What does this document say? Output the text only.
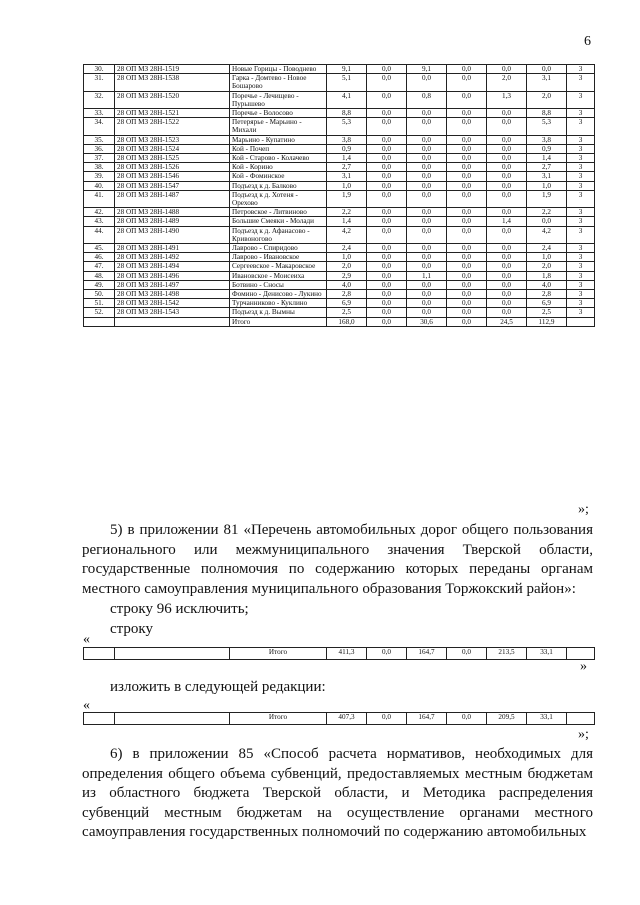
6
30.	28 ОП МЗ 28Н-1519	Новые Горицы - Поводнево	9,1	0,0	9,1	0,0	0,0	0,0	3
31.	28 ОП МЗ 28Н-1538	Гарка - Домтево - Новое Бошарово	5,1	0,0	0,0	0,0	2,0	3,1	3
32.	28 ОП МЗ 28Н-1520	Поречье - Лечищево - Пурышево	4,1	0,0	0,8	0,0	1,3	2,0	3
33.	28 ОП МЗ 28Н-1521	Поречье - Волосово	8,8	0,0	0,0	0,0	0,0	8,8	3
34.	28 ОП МЗ 28Н-1522	Петерярье - Марьино - Михали	5,3	0,0	0,0	0,0	0,0	5,3	3
35.	28 ОП МЗ 28Н-1523	Марьино - Купатино	3,8	0,0	0,0	0,0	0,0	3,8	3
36.	28 ОП МЗ 28Н-1524	Кой - Почеп	0,9	0,0	0,0	0,0	0,0	0,9	3
37.	28 ОП МЗ 28Н-1525	Кой - Старово - Колачево	1,4	0,0	0,0	0,0	0,0	1,4	3
38.	28 ОП МЗ 28Н-1526	Кой - Корино	2,7	0,0	0,0	0,0	0,0	2,7	3
39.	28 ОП МЗ 28Н-1546	Кой - Фоминское	3,1	0,0	0,0	0,0	0,0	3,1	3
40.	28 ОП МЗ 28Н-1547	Подъезд к д. Балково	1,0	0,0	0,0	0,0	0,0	1,0	3
41.	28 ОП МЗ 28Н-1487	Подъезд к д. Хотеня - Орехово	1,9	0,0	0,0	0,0	0,0	1,9	3
42.	28 ОП МЗ 28Н-1488	Петровское - Литвиново	2,2	0,0	0,0	0,0	0,0	2,2	3
43.	28 ОП МЗ 28Н-1489	Большие Смеяки - Молади	1,4	0,0	0,0	0,0	1,4	0,0	3
44.	28 ОП МЗ 28Н-1490	Подъезд к д. Афанасово - Кривоногово	4,2	0,0	0,0	0,0	0,0	4,2	3
45.	28 ОП МЗ 28Н-1491	Лаврово - Спиридово	2,4	0,0	0,0	0,0	0,0	2,4	3
46.	28 ОП МЗ 28Н-1492	Лаврово - Ивановское	1,0	0,0	0,0	0,0	0,0	1,0	3
47.	28 ОП МЗ 28Н-1494	Сергеевское - Макаровское	2,0	0,0	0,0	0,0	0,0	2,0	3
48.	28 ОП МЗ 28Н-1496	Ивановское - Моисеиха	2,9	0,0	1,1	0,0	0,0	1,8	3
49.	28 ОП МЗ 28Н-1497	Ботвино - Сносы	4,0	0,0	0,0	0,0	0,0	4,0	3
50.	28 ОП МЗ 28Н-1498	Фомино - Денисово - Лукино	2,8	0,0	0,0	0,0	0,0	2,8	3
51.	28 ОП МЗ 28Н-1542	Турчанниково - Куклино	6,9	0,0	0,0	0,0	0,0	6,9	3
52.	28 ОП МЗ 28Н-1543	Подъезд к д. Вымны	2,5	0,0	0,0	0,0	0,0	2,5	3
		Итого	168,0	0,0	30,6	0,0	24,5	112,9	
»;
5) в приложении 81 «Перечень автомобильных дорог общего пользования регионального или межмуниципального значения Тверской области, государственные полномочия по содержанию которых переданы органам местного самоуправления муниципального образования Торжокский район»:
строку 96 исключить;
строку
«
		Итого	411,3	0,0	164,7	0,0	213,5	33,1	
»
изложить в следующей редакции:
«
		Итого	407,3	0,0	164,7	0,0	209,5	33,1	
»;
6) в приложении 85 «Способ расчета нормативов, необходимых для определения общего объема субвенций, предоставляемых местным бюджетам из областного бюджета Тверской области, и Методика распределения субвенций местным бюджетам на осуществление органами местного самоуправления государственных полномочий по содержанию автомобильных
